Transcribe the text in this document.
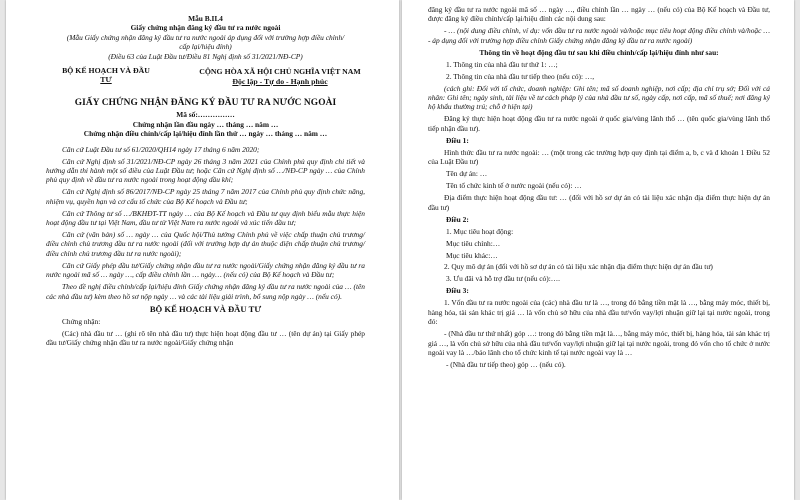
Mẫu B.II.4
Giấy chứng nhận đăng ký đầu tư ra nước ngoài
(Mẫu Giấy chứng nhận đăng ký đầu tư ra nước ngoài áp dụng đối với trường hợp điều chỉnh/
cấp lại/hiệu đính)
(Điều 63 của Luật Đầu tư/Điều 81 Nghị định số 31/2021/NĐ-CP)
BỘ KẾ HOẠCH VÀ ĐẦU
TƯ
CỘNG HÒA XÃ HỘI CHỦ NGHĨA VIỆT NAM
Độc lập - Tự do - Hạnh phúc
GIẤY CHỨNG NHẬN ĐĂNG KÝ ĐẦU TƯ RA NƯỚC NGOÀI
Mã số:……………
Chứng nhận lần đầu ngày … tháng … năm …
Chứng nhận điều chỉnh/cấp lại/hiệu đính lần thứ … ngày … tháng … năm …

Căn cứ Luật Đầu tư số 61/2020/QH14 ngày 17 tháng 6 năm 2020;

Căn cứ Nghị định số 31/2021/NĐ-CP ngày 26 tháng 3 năm 2021 của Chính phủ quy định chi tiết và hướng dẫn thi hành một số điều của Luật Đầu tư; hoặc Căn cứ Nghị định số …/NĐ-CP ngày … của Chính phủ quy định về đầu tư ra nước ngoài trong hoạt động dầu khí;

Căn cứ Nghị định số 86/2017/NĐ-CP ngày 25 tháng 7 năm 2017 của Chính phủ quy định chức năng, nhiệm vụ, quyền hạn và cơ cấu tổ chức của Bộ Kế hoạch và Đầu tư;

Căn cứ Thông tư số …/BKHĐT-TT ngày … của Bộ Kế hoạch và Đầu tư quy định biểu mẫu thực hiện hoạt động đầu tư tại Việt Nam, đầu tư từ Việt Nam ra nước ngoài và xúc tiến đầu tư;

Căn cứ (văn bản) số … ngày … của Quốc hội/Thủ tướng Chính phủ về việc chấp thuận chủ trương/điều chỉnh chủ trương đầu tư ra nước ngoài (đối với trường hợp dự án thuộc diện chấp thuận chủ trương/điều chỉnh chủ trương đầu tư ra nước ngoài);

Căn cứ Giấy phép đầu tư/Giấy chứng nhận đầu tư ra nước ngoài/Giấy chứng nhận đăng ký đầu tư ra nước ngoài mã số … ngày …, cấp điều chỉnh lần … ngày… (nếu có) của Bộ Kế hoạch và Đầu tư;

Theo đề nghị điều chỉnh/cấp lại/hiệu đính Giấy chứng nhận đăng ký đầu tư ra nước ngoài của … (tên các nhà đầu tư) kèm theo hồ sơ nộp ngày … và các tài liệu giải trình, bổ sung nộp ngày … (nếu có).

BỘ KẾ HOẠCH VÀ ĐẦU TƯ

Chứng nhận:

(Các) nhà đầu tư … (ghi rõ tên nhà đầu tư) thực hiện hoạt động đầu tư … (tên dự án) tại Giấy phép đầu tư/Giấy chứng nhận đầu tư ra nước ngoài/Giấy chứng nhận

đăng ký đầu tư ra nước ngoài mã số … ngày …, điều chỉnh lần … ngày … (nếu có) của Bộ Kế hoạch và Đầu tư, được đăng ký điều chỉnh/cấp lại/hiệu đính các nội dung sau:

- … (nội dung điều chỉnh, ví dụ: vốn đầu tư ra nước ngoài và/hoặc mục tiêu hoạt động điều chỉnh và/hoặc … - áp dụng đối với trường hợp điều chỉnh Giấy chứng nhận đăng ký đầu tư ra nước ngoài)

Thông tin về hoạt động đầu tư sau khi điều chỉnh/cấp lại/hiệu đính như sau:

1. Thông tin của nhà đầu tư thứ 1: …;

2. Thông tin của nhà đầu tư tiếp theo (nếu có): …,

(cách ghi: Đối với tổ chức, doanh nghiệp: Ghi tên; mã số doanh nghiệp, nơi cấp; địa chỉ trụ sở; Đối với cá nhân: Ghi tên; ngày sinh, tài liệu về tư cách pháp lý của nhà đầu tư số, ngày cấp, nơi cấp, mã số thuế; nơi đăng ký hộ khẩu thường trú; chỗ ở hiện tại)

Đăng ký thực hiện hoạt động đầu tư ra nước ngoài ở quốc gia/vùng lãnh thổ … (tên quốc gia/vùng lãnh thổ tiếp nhận đầu tư).

Điều 1:

Hình thức đầu tư ra nước ngoài: … (một trong các trường hợp quy định tại điểm a, b, c và đ khoản 1 Điều 52 của Luật Đầu tư)

Tên dự án: …

Tên tổ chức kinh tế ở nước ngoài (nếu có): …

Địa điểm thực hiện hoạt động đầu tư: … (đối với hồ sơ dự án có tài liệu xác nhận địa điểm thực hiện dự án đầu tư)

Điều 2:

1. Mục tiêu hoạt động:

Mục tiêu chính:…

Mục tiêu khác:…

2. Quy mô dự án (đối với hồ sơ dự án có tài liệu xác nhận địa điểm thực hiện dự án đầu tư)

3. Ưu đãi và hỗ trợ đầu tư (nếu có):….

Điều 3:

1. Vốn đầu tư ra nước ngoài của (các) nhà đầu tư là …, trong đó bằng tiền mặt là …, bằng máy móc, thiết bị, hàng hóa, tài sản khác trị giá … là vốn chủ sở hữu của nhà đầu tư/vốn vay/lợi nhuận giữ lại tại nước ngoài, trong đó:

- (Nhà đầu tư thứ nhất) góp …: trong đó bằng tiền mặt là…, bằng máy móc, thiết bị, hàng hóa, tài sản khác trị giá …, là vốn chủ sở hữu của nhà đầu tư/vốn vay/lợi nhuận giữ lại tại nước ngoài, trong đó vốn cho tổ chức ở nước ngoài vay là …/bảo lãnh cho tổ chức kinh tế tại nước ngoài vay là …

- (Nhà đầu tư tiếp theo) góp … (nếu có).
